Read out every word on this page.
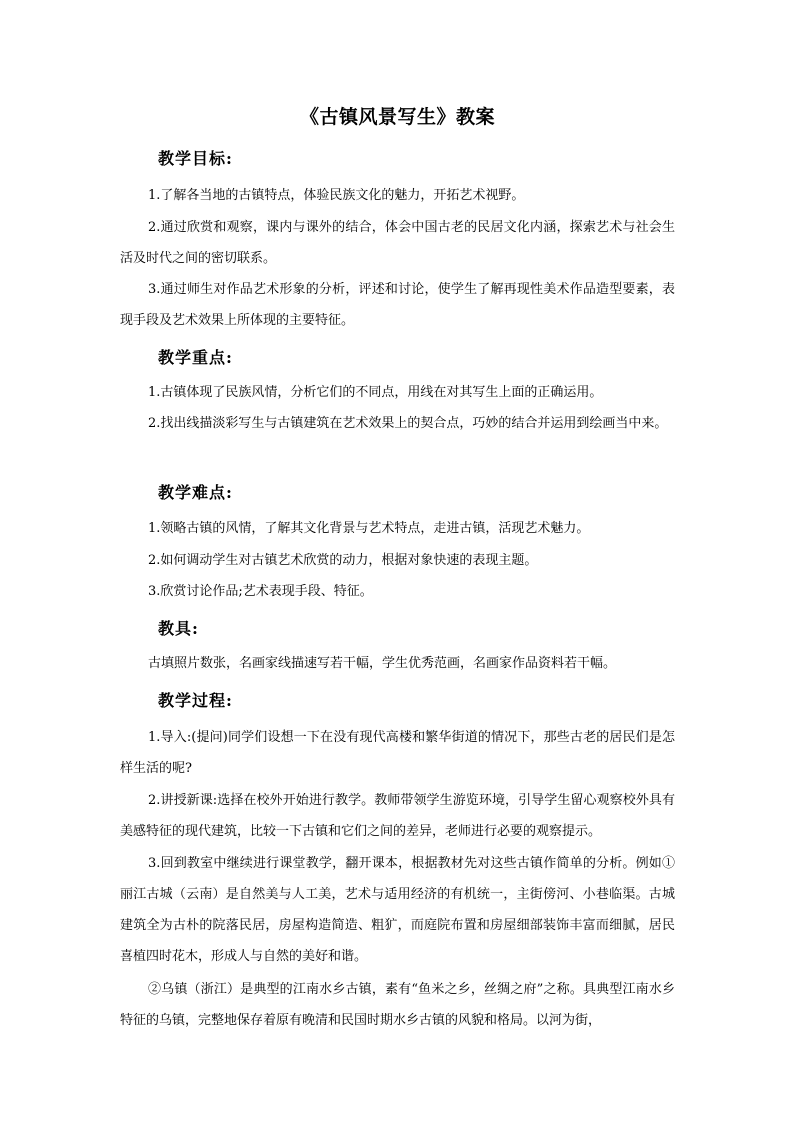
《古镇风景写生》教案
教学目标:
1.了解各当地的古镇特点，体验民族文化的魅力，开拓艺术视野。
2.通过欣赏和观察，课内与课外的结合，体会中国古老的民居文化内涵，探索艺术与社会生活及时代之间的密切联系。
3.通过师生对作品艺术形象的分析，评述和讨论，使学生了解再现性美术作品造型要素，表现手段及艺术效果上所体现的主要特征。
教学重点:
1.古镇体现了民族风情，分析它们的不同点，用线在对其写生上面的正确运用。
2.找出线描淡彩写生与古镇建筑在艺术效果上的契合点，巧妙的结合并运用到绘画当中来。
教学难点:
1.领略古镇的风情，了解其文化背景与艺术特点，走进古镇，活现艺术魅力。
2.如何调动学生对古镇艺术欣赏的动力，根据对象快速的表现主题。
3.欣赏讨论作品;艺术表现手段、特征。
教具:
古填照片数张，名画家线描速写若干幅，学生优秀范画，名画家作品资料若干幅。
教学过程:
1.导入:(提问)同学们设想一下在没有现代高楼和繁华街道的情况下，那些古老的居民们是怎样生活的呢?
2.讲授新课:选择在校外开始进行教学。教师带领学生游览环境，引导学生留心观察校外具有美感特征的现代建筑，比较一下古镇和它们之间的差异，老师进行必要的观察提示。
3.回到教室中继续进行课堂教学，翻开课本，根据教材先对这些古镇作简单的分析。例如①丽江古城（云南）是自然美与人工美，艺术与适用经济的有机统一，主街傍河、小巷临渠。古城建筑全为古朴的院落民居，房屋构造简造、粗犷，而庭院布置和房屋细部装饰丰富而细腻，居民喜植四时花木，形成人与自然的美好和谐。
②乌镇（浙江）是典型的江南水乡古镇，素有“鱼米之乡，丝绸之府”之称。具典型江南水乡特征的乌镇，完整地保存着原有晚清和民国时期水乡古镇的风貌和格局。以河为街，
